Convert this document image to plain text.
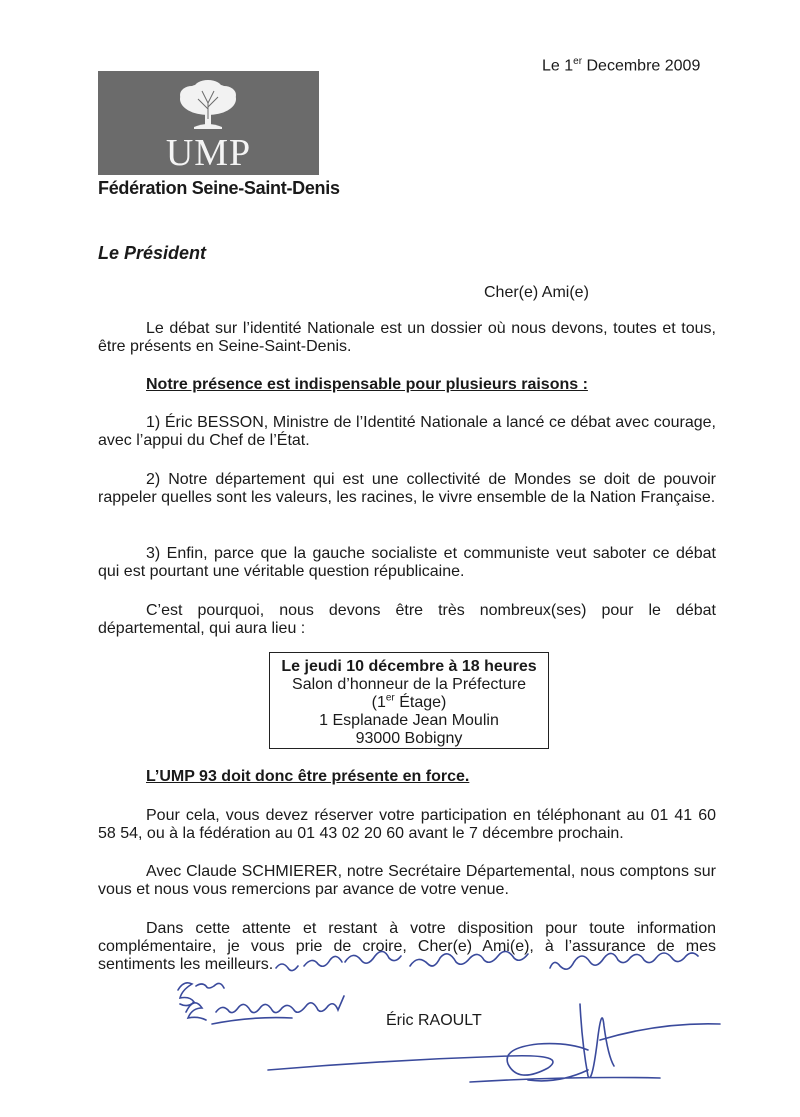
Le 1er Decembre 2009
UMP
Fédération Seine-Saint-Denis
Le Président
Cher(e) Ami(e)
Le débat sur l’identité Nationale est un dossier où nous devons, toutes et tous, être présents en Seine-Saint-Denis.
Notre présence est indispensable pour plusieurs raisons :
1) Éric BESSON, Ministre de l’Identité Nationale a lancé ce débat avec courage, avec l’appui du Chef de l’État.
2) Notre département qui est une collectivité de Mondes se doit de pouvoir rappeler quelles sont les valeurs, les racines, le vivre ensemble de la Nation Française.
3) Enfin, parce que la gauche socialiste et communiste veut saboter ce débat qui est pourtant une véritable question républicaine.
C’est pourquoi, nous devons être très nombreux(ses) pour le débat départemental, qui aura lieu :
Le jeudi 10 décembre à 18 heures
Salon d’honneur de la Préfecture
(1er Étage)
1 Esplanade Jean Moulin
93000 Bobigny
L’UMP 93 doit donc être présente en force.
Pour cela, vous devez réserver votre participation en téléphonant au 01 41 60 58 54, ou à la fédération au 01 43 02 20 60 avant le 7 décembre prochain.
Avec Claude SCHMIERER, notre Secrétaire Départemental, nous comptons sur vous et nous vous remercions par avance de votre venue.
Dans cette attente et restant à votre disposition pour toute information complémentaire, je vous prie de croire, Cher(e) Ami(e), à l’assurance de mes sentiments les meilleurs.
Éric RAOULT
